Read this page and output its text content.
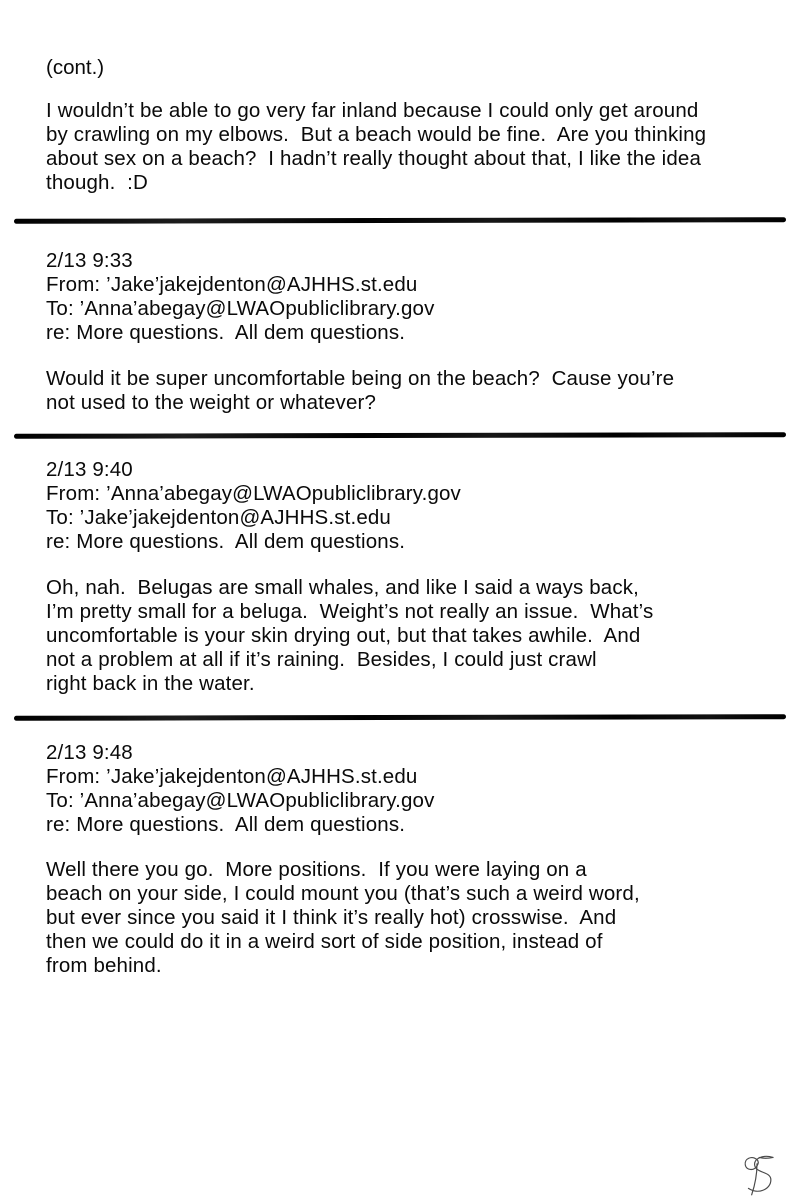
(cont.)
I wouldn’t be able to go very far inland because I could only get around
by crawling on my elbows.  But a beach would be fine.  Are you thinking
about sex on a beach?  I hadn’t really thought about that, I like the idea
though.  :D
2/13 9:33
From: ’Jake’jakejdenton@AJHHS.st.edu
To: ’Anna’abegay@LWAOpubliclibrary.gov
re: More questions.  All dem questions.
Would it be super uncomfortable being on the beach?  Cause you’re
not used to the weight or whatever?
2/13 9:40
From: ’Anna’abegay@LWAOpubliclibrary.gov
To: ’Jake’jakejdenton@AJHHS.st.edu
re: More questions.  All dem questions.
Oh, nah.  Belugas are small whales, and like I said a ways back,
I’m pretty small for a beluga.  Weight’s not really an issue.  What’s
uncomfortable is your skin drying out, but that takes awhile.  And
not a problem at all if it’s raining.  Besides, I could just crawl
right back in the water.
2/13 9:48
From: ’Jake’jakejdenton@AJHHS.st.edu
To: ’Anna’abegay@LWAOpubliclibrary.gov
re: More questions.  All dem questions.
Well there you go.  More positions.  If you were laying on a
beach on your side, I could mount you (that’s such a weird word,
but ever since you said it I think it’s really hot) crosswise.  And
then we could do it in a weird sort of side position, instead of
from behind.
